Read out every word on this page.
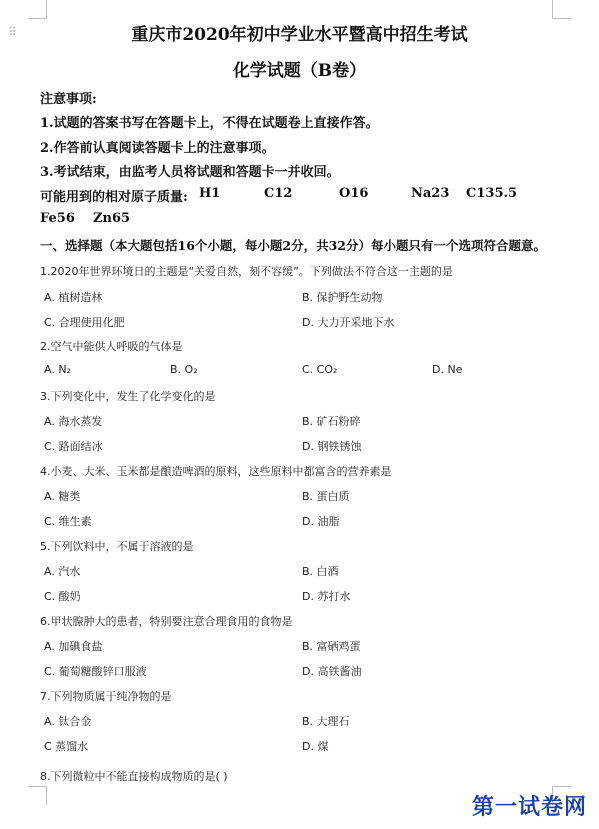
⠿	重庆市2020年初中学业水平暨高中招生考试
化学试题（B卷）
注意事项:
1.试题的答案书写在答题卡上，不得在试题卷上直接作答。
2.作答前认真阅读答题卡上的注意事项。
3.考试结束，由监考人员将试题和答题卡一并收回。
可能用到的相对原子质量: H1	C12	O16	Na23 C135.5
Fe56 Zn65
一、选择题（本大题包括16个小题，每小题2分，共32分）每小题只有一个选项符合题意。
1.2020年世界环境日的主题是“关爱自然，刻不容缓”。下列做法不符合这一主题的是
A. 植树造林	B. 保护野生动物
C. 合理使用化肥	D. 大力开采地下水
2.空气中能供人呼吸的气体是
A. N₂	B. O₂	C. CO₂	D. Ne
3.下列变化中，发生了化学变化的是
A. 海水蒸发	B. 矿石粉碎
C. 路面结冰	D. 钢铁锈蚀
4.小麦、大米、玉米都是酿造啤酒的原料，这些原料中都富含的营养素是
A. 糖类	B. 蛋白质
C. 维生素	D. 油脂
5.下列饮料中，不属于溶液的是
A. 汽水	B. 白酒
C. 酸奶	D. 苏打水
6.甲状腺肿大的患者，特别要注意合理食用的食物是
A. 加碘食盐	B. 富硒鸡蛋
C. 葡萄糖酸锌口服液	D. 高铁酱油
7.下列物质属于纯净物的是
A. 钛合金	B. 大理石
C 蒸馏水	D. 煤
8.下列微粒中不能直接构成物质的是( )
第一试卷网
